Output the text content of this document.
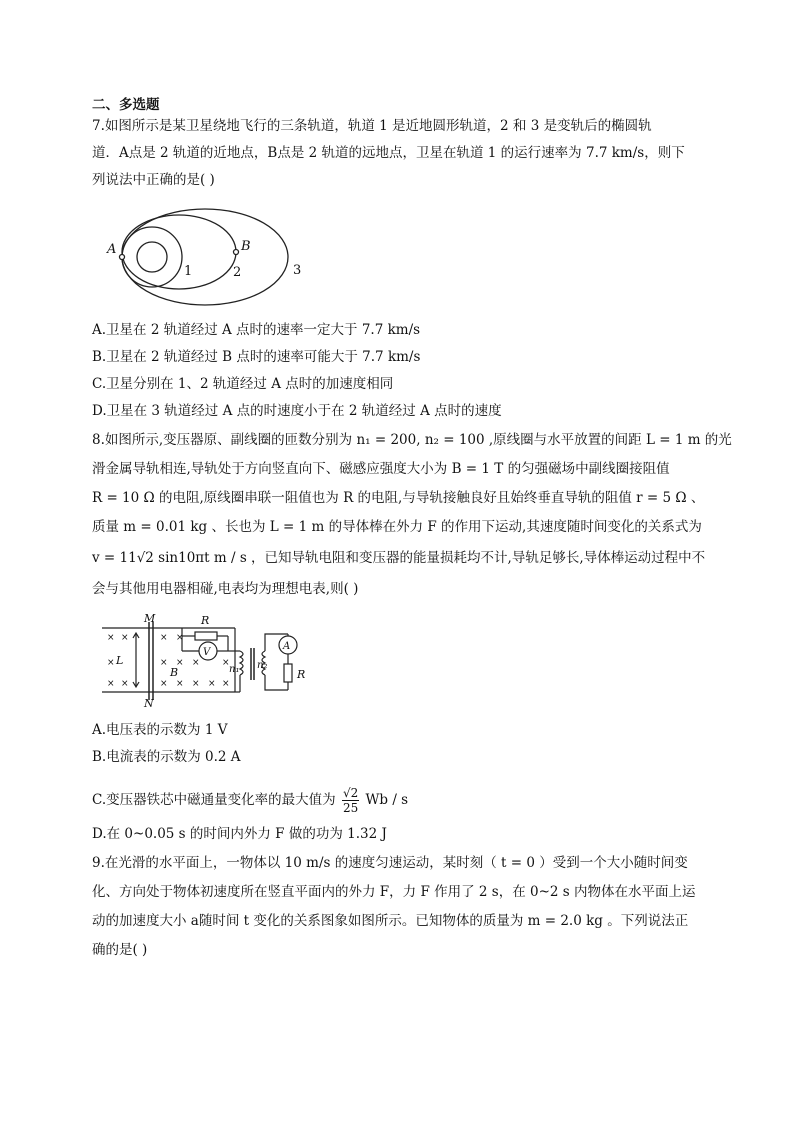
二、多选题
7.如图所示是某卫星绕地飞行的三条轨道，轨道 1 是近地圆形轨道，2 和 3 是变轨后的椭圆轨
道．A点是 2 轨道的近地点，B点是 2 轨道的远地点，卫星在轨道 1 的运行速率为 7.7 km/s，则下
列说法中正确的是( )
A	B
1	2	3
A.卫星在 2 轨道经过 A 点时的速率一定大于 7.7 km/s
B.卫星在 2 轨道经过 B 点时的速率可能大于 7.7 km/s
C.卫星分别在 1、2 轨道经过 A 点时的加速度相同
D.卫星在 3 轨道经过 A 点的时速度小于在 2 轨道经过 A 点时的速度
8.如图所示,变压器原、副线圈的匝数分别为 n₁ = 200, n₂ = 100 ,原线圈与水平放置的间距 L = 1 m 的光
滑金属导轨相连,导轨处于方向竖直向下、磁感应强度大小为 B = 1 T 的匀强磁场中副线圈接阻值
R = 10 Ω 的电阻,原线圈串联一阻值也为 R 的电阻,与导轨接触良好且始终垂直导轨的阻值 r = 5 Ω 、
质量 m = 0.01 kg 、长也为 L = 1 m 的导体棒在外力 F 的作用下运动,其速度随时间变化的关系式为
v = 11√2 sin10πt m / s ，已知导轨电阻和变压器的能量损耗均不计,导轨足够长,导体棒运动过程中不
会与其他用电器相碰,电表均为理想电表,则( )
×
×
×
×
×
×
×
×
×
×
×
×
× ×
×
×
M
N
L
B
R
V
n₁ n₂
A
R
A.电压表的示数为 1 V
B.电流表的示数为 0.2 A
C.变压器铁芯中磁通量变化率的最大值为 $\frac{√2}{25}$ Wb / s
D.在 0~0.05 s 的时间内外力 F 做的功为 1.32 J
9.在光滑的水平面上，一物体以 10 m/s 的速度匀速运动，某时刻（ t = 0 ）受到一个大小随时间变
化、方向处于物体初速度所在竖直平面内的外力 F，力 F 作用了 2 s，在 0~2 s 内物体在水平面上运
动的加速度大小 a随时间 t 变化的关系图象如图所示。已知物体的质量为 m = 2.0 kg 。下列说法正
确的是( )
